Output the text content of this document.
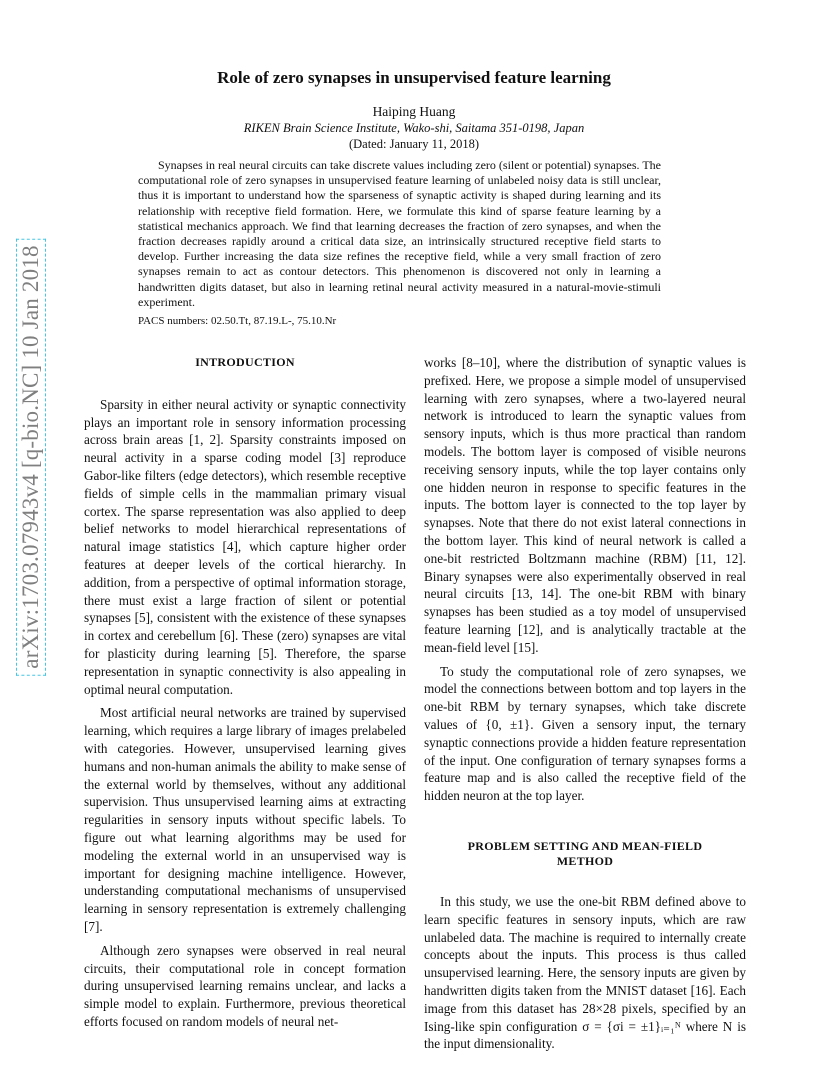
arXiv:1703.07943v4 [q-bio.NC] 10 Jan 2018
Role of zero synapses in unsupervised feature learning
Haiping Huang
RIKEN Brain Science Institute, Wako-shi, Saitama 351-0198, Japan
(Dated: January 11, 2018)

Synapses in real neural circuits can take discrete values including zero (silent or potential) synapses. The computational role of zero synapses in unsupervised feature learning of unlabeled noisy data is still unclear, thus it is important to understand how the sparseness of synaptic activity is shaped during learning and its relationship with receptive field formation. Here, we formulate this kind of sparse feature learning by a statistical mechanics approach. We find that learning decreases the fraction of zero synapses, and when the fraction decreases rapidly around a critical data size, an intrinsically structured receptive field starts to develop. Further increasing the data size refines the receptive field, while a very small fraction of zero synapses remain to act as contour detectors. This phenomenon is discovered not only in learning a handwritten digits dataset, but also in learning retinal neural activity measured in a natural-movie-stimuli experiment.

PACS numbers: 02.50.Tt, 87.19.L-, 75.10.Nr
INTRODUCTION

Sparsity in either neural activity or synaptic connectivity plays an important role in sensory information processing across brain areas [1, 2]. Sparsity constraints imposed on neural activity in a sparse coding model [3] reproduce Gabor-like filters (edge detectors), which resemble receptive fields of simple cells in the mammalian primary visual cortex. The sparse representation was also applied to deep belief networks to model hierarchical representations of natural image statistics [4], which capture higher order features at deeper levels of the cortical hierarchy. In addition, from a perspective of optimal information storage, there must exist a large fraction of silent or potential synapses [5], consistent with the existence of these synapses in cortex and cerebellum [6]. These (zero) synapses are vital for plasticity during learning [5]. Therefore, the sparse representation in synaptic connectivity is also appealing in optimal neural computation.

Most artificial neural networks are trained by supervised learning, which requires a large library of images prelabeled with categories. However, unsupervised learning gives humans and non-human animals the ability to make sense of the external world by themselves, without any additional supervision. Thus unsupervised learning aims at extracting regularities in sensory inputs without specific labels. To figure out what learning algorithms may be used for modeling the external world in an unsupervised way is important for designing machine intelligence. However, understanding computational mechanisms of unsupervised learning in sensory representation is extremely challenging [7].

Although zero synapses were observed in real neural circuits, their computational role in concept formation during unsupervised learning remains unclear, and lacks a simple model to explain. Furthermore, previous theoretical efforts focused on random models of neural net-

works [8–10], where the distribution of synaptic values is prefixed. Here, we propose a simple model of unsupervised learning with zero synapses, where a two-layered neural network is introduced to learn the synaptic values from sensory inputs, which is thus more practical than random models. The bottom layer is composed of visible neurons receiving sensory inputs, while the top layer contains only one hidden neuron in response to specific features in the inputs. The bottom layer is connected to the top layer by synapses. Note that there do not exist lateral connections in the bottom layer. This kind of neural network is called a one-bit restricted Boltzmann machine (RBM) [11, 12]. Binary synapses were also experimentally observed in real neural circuits [13, 14]. The one-bit RBM with binary synapses has been studied as a toy model of unsupervised feature learning [12], and is analytically tractable at the mean-field level [15].

To study the computational role of zero synapses, we model the connections between bottom and top layers in the one-bit RBM by ternary synapses, which take discrete values of {0, ±1}. Given a sensory input, the ternary synaptic connections provide a hidden feature representation of the input. One configuration of ternary synapses forms a feature map and is also called the receptive field of the hidden neuron at the top layer.

PROBLEM SETTING AND MEAN-FIELD METHOD

In this study, we use the one-bit RBM defined above to learn specific features in sensory inputs, which are raw unlabeled data. The machine is required to internally create concepts about the inputs. This process is thus called unsupervised learning. Here, the sensory inputs are given by handwritten digits taken from the MNIST dataset [16]. Each image from this dataset has 28×28 pixels, specified by an Ising-like spin configuration σ = {σi = ±1}ᵢ₌₁ᴺ where N is the input dimensionality.
